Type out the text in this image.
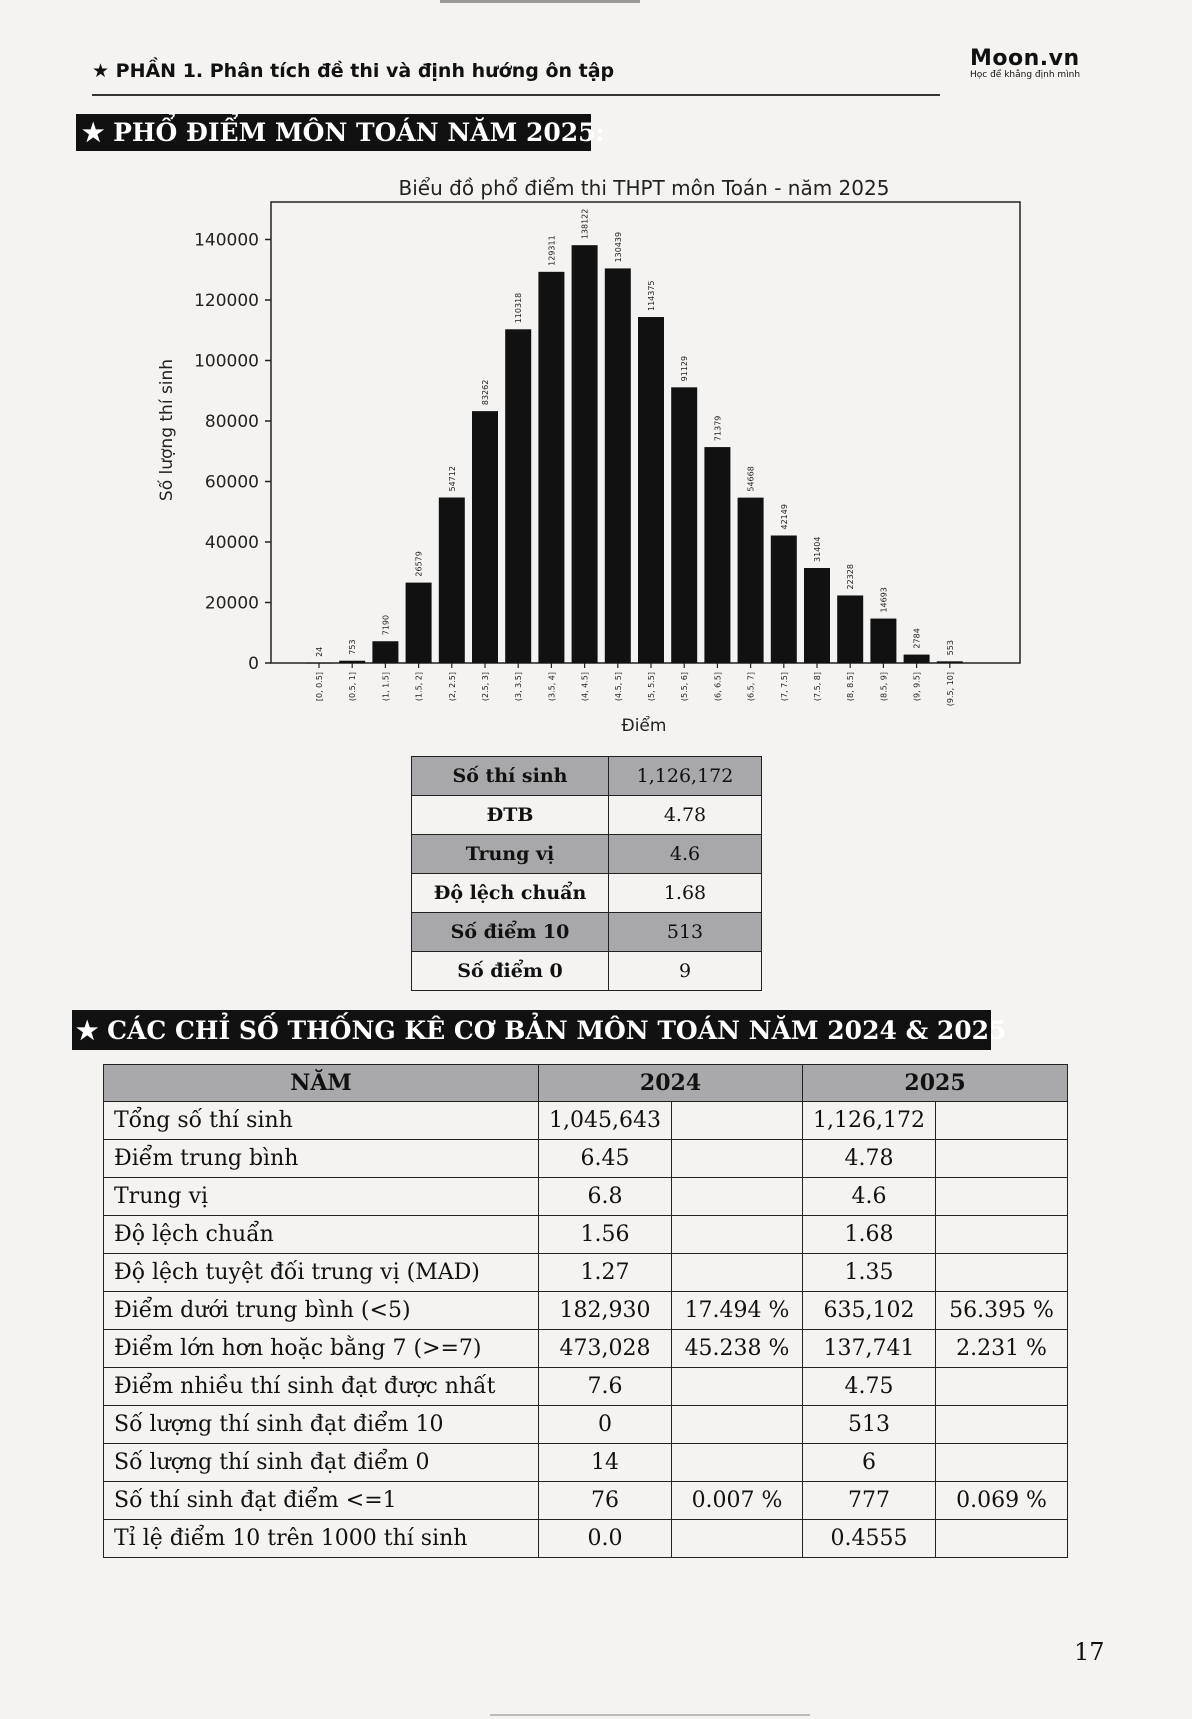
★ PHẦN 1. Phân tích đề thi và định hướng ôn tập	Moon.vn
Học để khẳng định mình
★ PHỔ ĐIỂM MÔN TOÁN NĂM 2025:
Biểu đồ phổ điểm thi THPT môn Toán - năm 2025
Số lượng thí sinh
Điểm
0
20000
40000
60000
80000
100000
120000
140000
[0, 0.5]	(0.5, 1]	(1, 1.5]	(1.5, 2]	(2, 2.5]	(2.5, 3]	(3, 3.5]	(3.5, 4]	(4, 4.5]	(4.5, 5]	(5, 5.5]	(5.5, 6]	(6, 6.5]	(6.5, 7]	(7, 7.5]	(7.5, 8]	(8, 8.5]	(8.5, 9]	(9, 9.5]	(9.5, 10]
24	753
7190
26579
54712
83262
110318
129311
138122
130439
114375
91129
71379
54668
42149
31404
22328
14693
2784	553
Số thí sinh	1,126,172
ĐTB	4.78
Trung vị	4.6
Độ lệch chuẩn	1.68
Số điểm 10	513
Số điểm 0	9
★ CÁC CHỈ SỐ THỐNG KÊ CƠ BẢN MÔN TOÁN NĂM 2024 & 2025
NĂM	2024		2025	
Tổng số thí sinh	1,045,643		1,126,172	
Điểm trung bình	6.45		4.78	
Trung vị	6.8		4.6	
Độ lệch chuẩn	1.56		1.68	
Độ lệch tuyệt đối trung vị (MAD)	1.27		1.35	
Điểm dưới trung bình (<5)	182,930	17.494 %	635,102	56.395 %
Điểm lớn hơn hoặc bằng 7 (>=7)	473,028	45.238 %	137,741	2.231 %
Điểm nhiều thí sinh đạt được nhất	7.6		4.75	
Số lượng thí sinh đạt điểm 10	0		513	
Số lượng thí sinh đạt điểm 0	14		6	
Số thí sinh đạt điểm <=1	76	0.007 %	777	0.069 %
Tỉ lệ điểm 10 trên 1000 thí sinh	0.0		0.4555	
17
